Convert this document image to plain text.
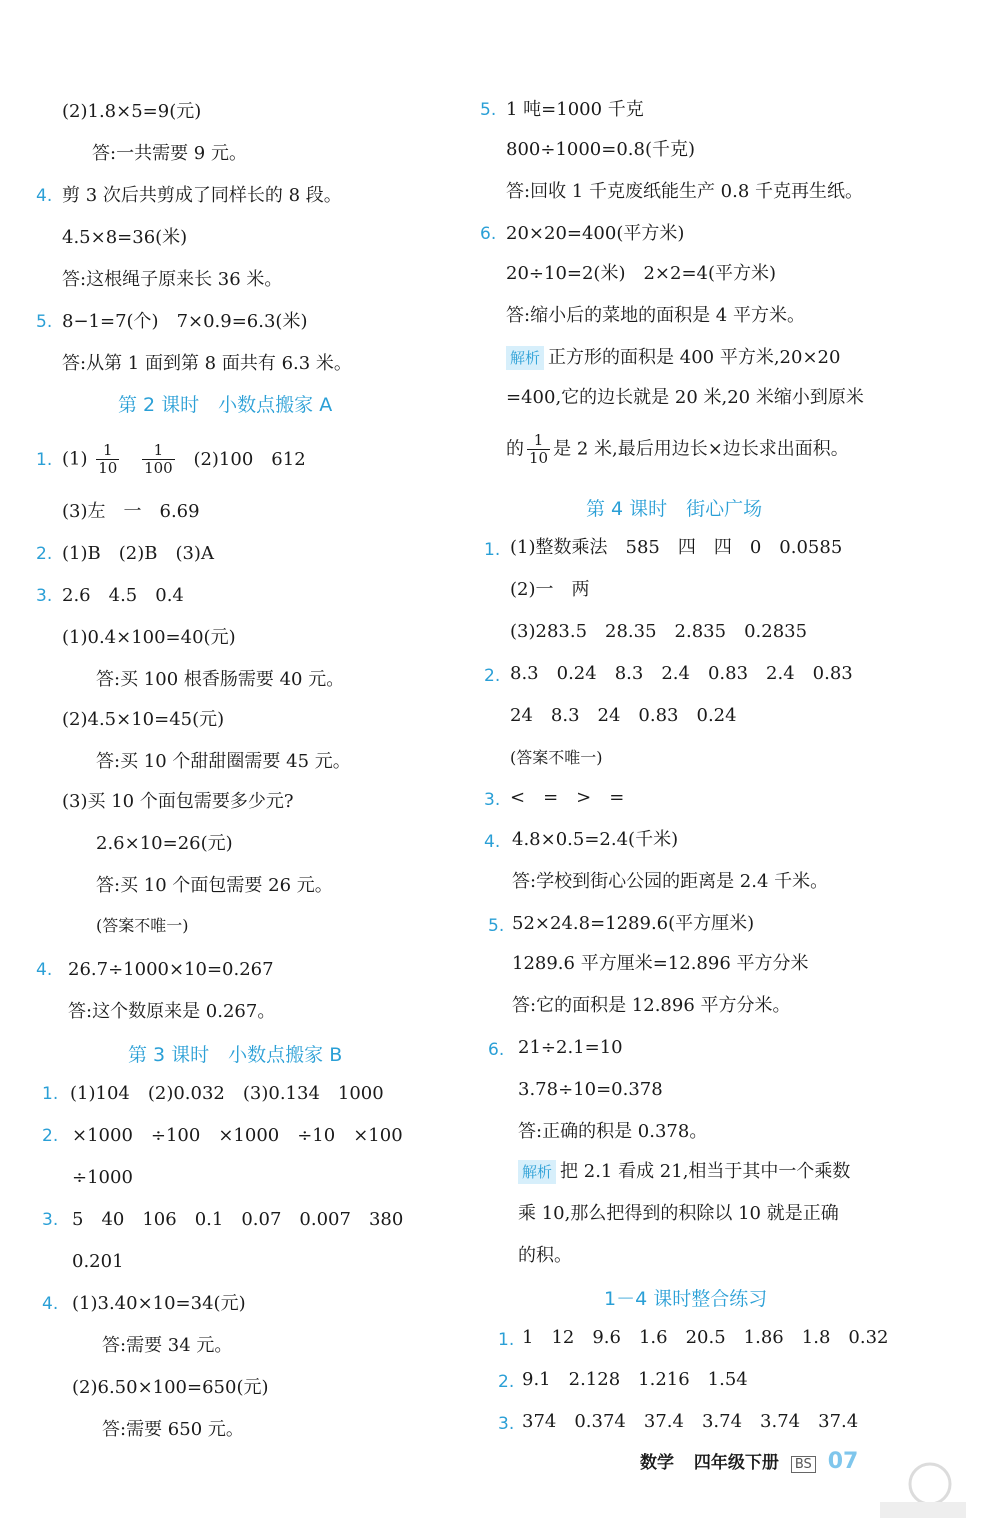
(2)1.8×5=9(元)
答:一共需要 9 元。
4. 剪 3 次后共剪成了同样长的 8 段。
4.5×8=36(米)
答:这根绳子原来长 36 米。
5. 8−1=7(个)　7×0.9=6.3(米)
答:从第 1 面到第 8 面共有 6.3 米。
第 2 课时　小数点搬家 A
1. $(1) \frac{1}{10}$
$\frac{1}{100} (2)100$　612
(3)左　一　6.69
2. (1)B　(2)B　(3)A
3. 2.6　4.5　0.4
(1)0.4×100=40(元)
答:买 100 根香肠需要 40 元。
(2)4.5×10=45(元)
答:买 10 个甜甜圈需要 45 元。
(3)买 10 个面包需要多少元?
2.6×10=26(元)
答:买 10 个面包需要 26 元。
(答案不唯一)
4. 26.7÷1000×10=0.267
答:这个数原来是 0.267。
第 3 课时　小数点搬家 B
1. (1)104　(2)0.032　(3)0.134　1000
2. ×1000　÷100　×1000　÷10　×100
÷1000
3. 5　40　106　0.1　0.07　0.007　380
0.201
4. (1)3.40×10=34(元)
答:需要 34 元。
(2)6.50×100=650(元)
答:需要 650 元。
5. 1 吨=1000 千克
800÷1000=0.8(千克)
答:回收 1 千克废纸能生产 0.8 千克再生纸。
6. 20×20=400(平方米)
20÷10=2(米)　2×2=4(平方米)
答:缩小后的菜地的面积是 4 平方米。
解析 正方形的面积是 400 平方米,20×20
=400,它的边长就是 20 米,20 米缩小到原米
的 $\frac{1}{10}$ 是 2 米,最后用边长×边长求出面积。
第 4 课时　街心广场
1. (1)整数乘法　585　四　四　0　0.0585
(2)一　两
(3)283.5　28.35　2.835　0.2835
2. 8.3　0.24　8.3　2.4　0.83　2.4　0.83
24　8.3　24　0.83　0.24
(答案不唯一)
3. <　=　>　=
4. 4.8×0.5=2.4(千米)
答:学校到街心公园的距离是 2.4 千米。
5. 52×24.8=1289.6(平方厘米)
1289.6 平方厘米=12.896 平方分米
答:它的面积是 12.896 平方分米。
6. 21÷2.1=10
3.78÷10=0.378
答:正确的积是 0.378。
解析 把 2.1 看成 21,相当于其中一个乘数
乘 10,那么把得到的积除以 10 就是正确
的积。
1－4 课时整合练习
1. 1　12　9.6　1.6　20.5　1.86　1.8　0.32
2. 9.1　2.128　1.216　1.54
3. 374　0.374　37.4　3.74　3.74　37.4
数学 四年级下册 BS 07
